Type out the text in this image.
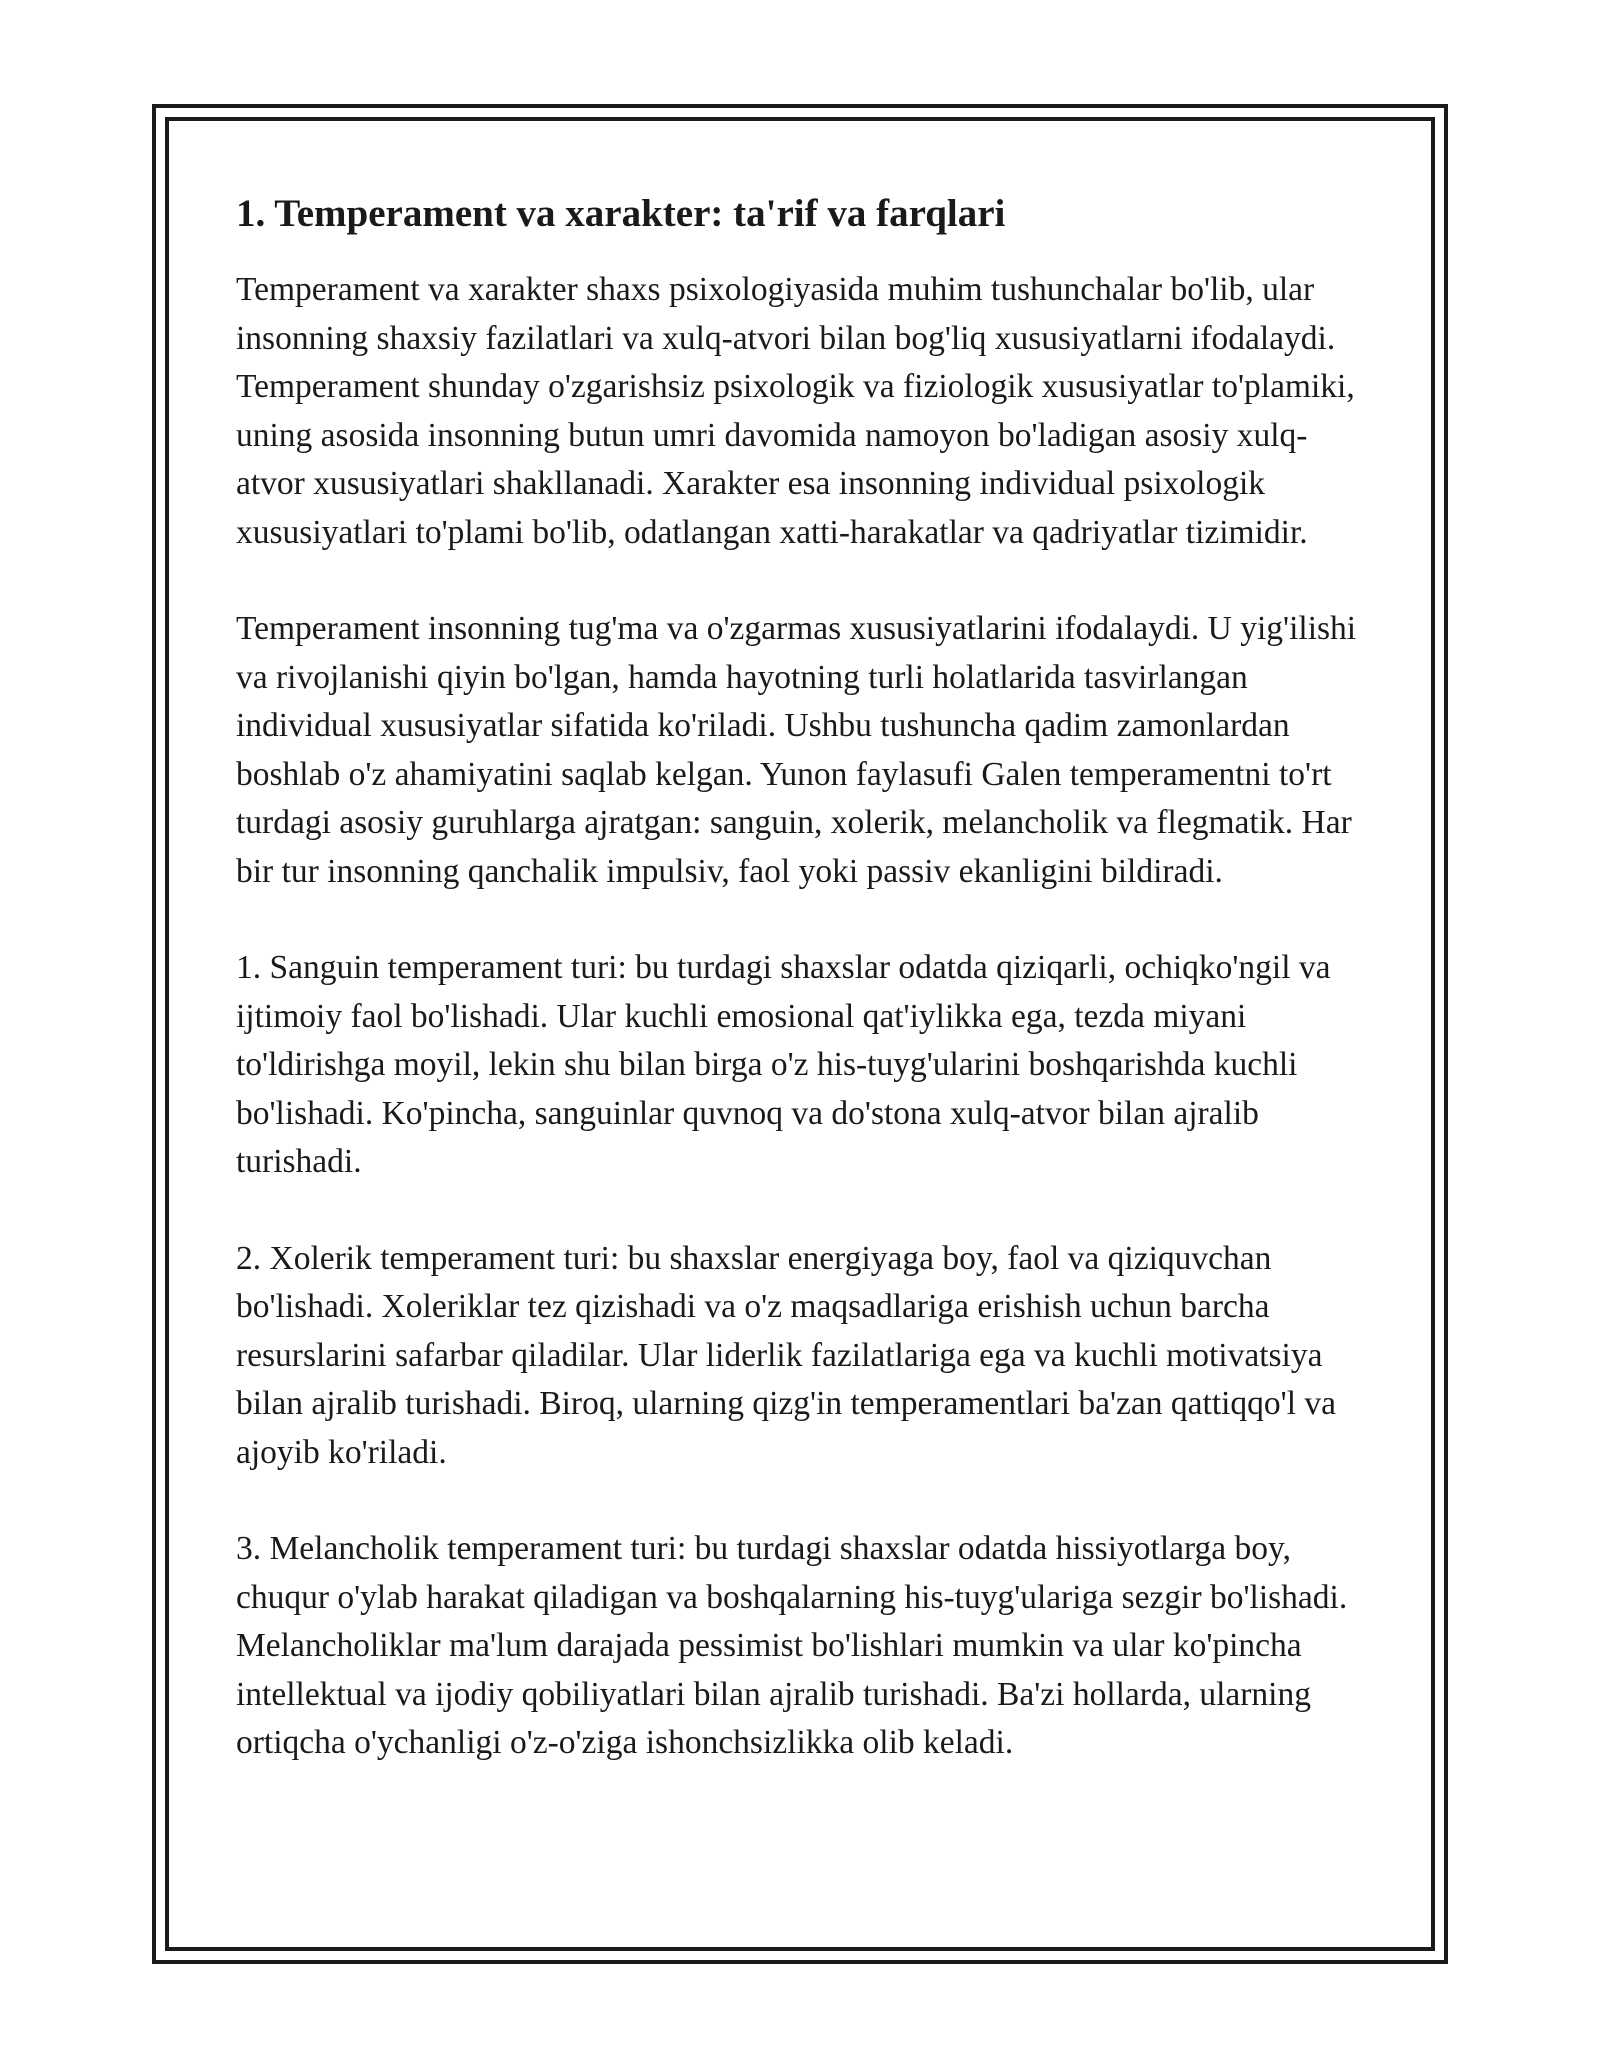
1. Temperament va xarakter: ta'rif va farqlari

Temperament va xarakter shaxs psixologiyasida muhim tushunchalar bo'lib, ular insonning shaxsiy fazilatlari va xulq-atvori bilan bog'liq xususiyatlarni ifodalaydi. Temperament shunday o'zgarishsiz psixologik va fiziologik xususiyatlar to'plamiki, uning asosida insonning butun umri davomida namoyon bo'ladigan asosiy xulq-atvor xususiyatlari shakllanadi. Xarakter esa insonning individual psixologik xususiyatlari to'plami bo'lib, odatlangan xatti-harakatlar va qadriyatlar tizimidir.

Temperament insonning tug'ma va o'zgarmas xususiyatlarini ifodalaydi. U yig'ilishi va rivojlanishi qiyin bo'lgan, hamda hayotning turli holatlarida tasvirlangan individual xususiyatlar sifatida ko'riladi. Ushbu tushuncha qadim zamonlardan boshlab o'z ahamiyatini saqlab kelgan. Yunon faylasufi Galen temperamentni to'rt turdagi asosiy guruhlarga ajratgan: sanguin, xolerik, melancholik va flegmatik. Har bir tur insonning qanchalik impulsiv, faol yoki passiv ekanligini bildiradi.

1. Sanguin temperament turi: bu turdagi shaxslar odatda qiziqarli, ochiqko'ngil va ijtimoiy faol bo'lishadi. Ular kuchli emosional qat'iylikka ega, tezda miyani to'ldirishga moyil, lekin shu bilan birga o'z his-tuyg'ularini boshqarishda kuchli bo'lishadi. Ko'pincha, sanguinlar quvnoq va do'stona xulq-atvor bilan ajralib turishadi.

2. Xolerik temperament turi: bu shaxslar energiyaga boy, faol va qiziquvchan bo'lishadi. Xoleriklar tez qizishadi va o'z maqsadlariga erishish uchun barcha resurslarini safarbar qiladilar. Ular liderlik fazilatlariga ega va kuchli motivatsiya bilan ajralib turishadi. Biroq, ularning qizg'in temperamentlari ba'zan qattiqqo'l va ajoyib ko'riladi.

3. Melancholik temperament turi: bu turdagi shaxslar odatda hissiyotlarga boy, chuqur o'ylab harakat qiladigan va boshqalarning his-tuyg'ulariga sezgir bo'lishadi. Melancholiklar ma'lum darajada pessimist bo'lishlari mumkin va ular ko'pincha intellektual va ijodiy qobiliyatlari bilan ajralib turishadi. Ba'zi hollarda, ularning ortiqcha o'ychanligi o'z-o'ziga ishonchsizlikka olib keladi.
